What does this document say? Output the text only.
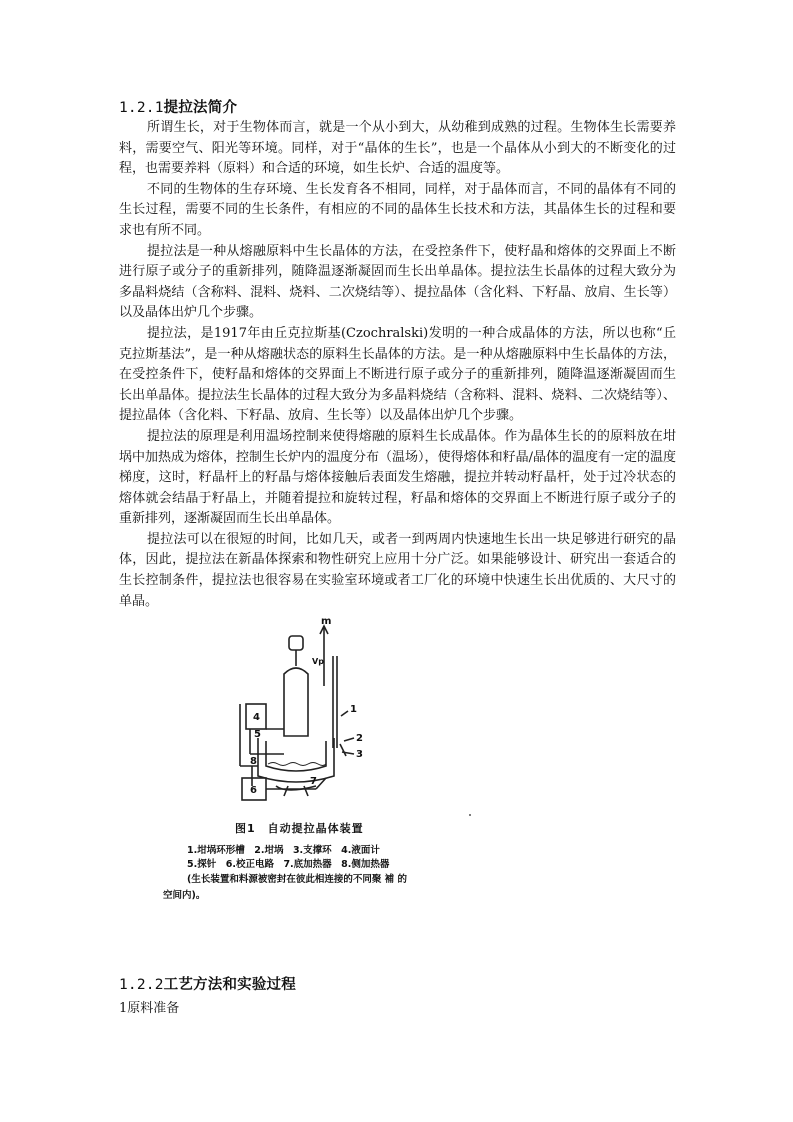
1.2.1提拉法简介

所谓生长，对于生物体而言，就是一个从小到大，从幼稚到成熟的过程。生物体生长需要养料，需要空气、阳光等环境。同样，对于“晶体的生长”，也是一个晶体从小到大的不断变化的过程，也需要养料（原料）和合适的环境，如生长炉、合适的温度等。

不同的生物体的生存环境、生长发育各不相同，同样，对于晶体而言，不同的晶体有不同的生长过程，需要不同的生长条件，有相应的不同的晶体生长技术和方法，其晶体生长的过程和要求也有所不同。

提拉法是一种从熔融原料中生长晶体的方法，在受控条件下，使籽晶和熔体的交界面上不断进行原子或分子的重新排列，随降温逐渐凝固而生长出单晶体。提拉法生长晶体的过程大致分为多晶料烧结（含称料、混料、烧料、二次烧结等）、提拉晶体（含化料、下籽晶、放肩、生长等）以及晶体出炉几个步骤。

提拉法，是1917年由丘克拉斯基(Czochralski)发明的一种合成晶体的方法，所以也称“丘克拉斯基法”，是一种从熔融状态的原料生长晶体的方法。是一种从熔融原料中生长晶体的方法，在受控条件下，使籽晶和熔体的交界面上不断进行原子或分子的重新排列，随降温逐渐凝固而生长出单晶体。提拉法生长晶体的过程大致分为多晶料烧结（含称料、混料、烧料、二次烧结等）、提拉晶体（含化料、下籽晶、放肩、生长等）以及晶体出炉几个步骤。

提拉法的原理是利用温场控制来使得熔融的原料生长成晶体。作为晶体生长的的原料放在坩埚中加热成为熔体，控制生长炉内的温度分布（温场），使得熔体和籽晶/晶体的温度有一定的温度梯度，这时，籽晶杆上的籽晶与熔体接触后表面发生熔融，提拉并转动籽晶杆，处于过冷状态的熔体就会结晶于籽晶上，并随着提拉和旋转过程，籽晶和熔体的交界面上不断进行原子或分子的重新排列，逐渐凝固而生长出单晶体。

提拉法可以在很短的时间，比如几天，或者一到两周内快速地生长出一块足够进行研究的晶体，因此，提拉法在新晶体探索和物性研究上应用十分广泛。如果能够设计、研究出一套适合的生长控制条件，提拉法也很容易在实验室环境或者工厂化的环境中快速生长出优质的、大尺寸的单晶。

m
Vp
1
2
3
4
5
6
7
8
图1　自动提拉晶体装置
1.坩埚环形槽　2.坩埚　3.支撑环　4.液面计
5.探针　6.校正电路　7.底加热器　8.侧加热器
(生长装置和料源被密封在彼此相连接的不同聚 補 的
空间内)。
1.2.2工艺方法和实验过程
1原料准备
